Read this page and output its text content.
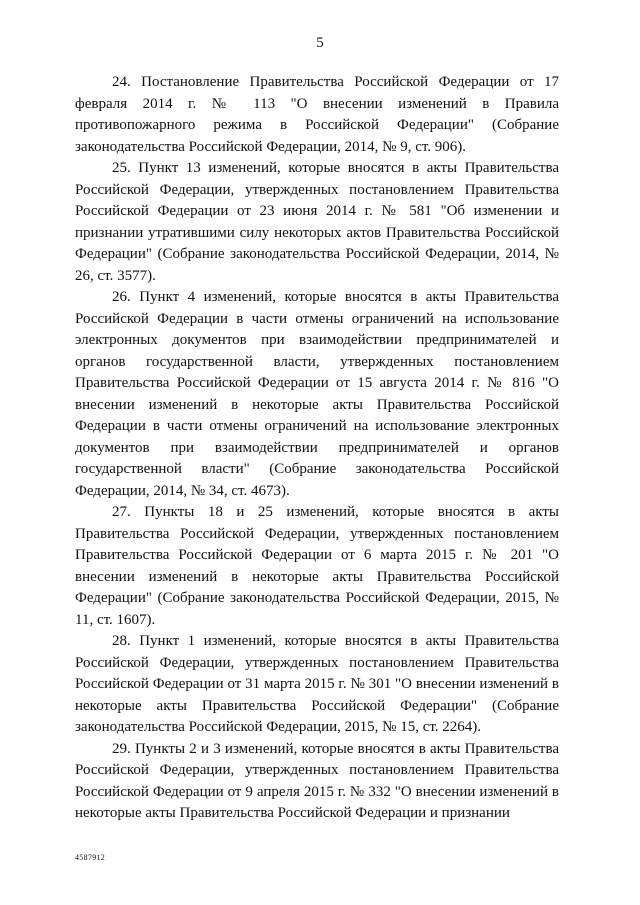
5

24. Постановление Правительства Российской Федерации от 17 февраля 2014 г. № 113 "О внесении изменений в Правила противопожарного режима в Российской Федерации" (Собрание законодательства Российской Федерации, 2014, № 9, ст. 906).

25. Пункт 13 изменений, которые вносятся в акты Правительства Российской Федерации, утвержденных постановлением Правительства Российской Федерации от 23 июня 2014 г. № 581 "Об изменении и признании утратившими силу некоторых актов Правительства Российской Федерации" (Собрание законодательства Российской Федерации, 2014, № 26, ст. 3577).

26. Пункт 4 изменений, которые вносятся в акты Правительства Российской Федерации в части отмены ограничений на использование электронных документов при взаимодействии предпринимателей и органов государственной власти, утвержденных постановлением Правительства Российской Федерации от 15 августа 2014 г. № 816 "О внесении изменений в некоторые акты Правительства Российской Федерации в части отмены ограничений на использование электронных документов при взаимодействии предпринимателей и органов государственной власти" (Собрание законодательства Российской Федерации, 2014, № 34, ст. 4673).

27. Пункты 18 и 25 изменений, которые вносятся в акты Правительства Российской Федерации, утвержденных постановлением Правительства Российской Федерации от 6 марта 2015 г. № 201 "О внесении изменений в некоторые акты Правительства Российской Федерации" (Собрание законодательства Российской Федерации, 2015, № 11, ст. 1607).

28. Пункт 1 изменений, которые вносятся в акты Правительства Российской Федерации, утвержденных постановлением Правительства Российской Федерации от 31 марта 2015 г. № 301 "О внесении изменений в некоторые акты Правительства Российской Федерации" (Собрание законодательства Российской Федерации, 2015, № 15, ст. 2264).

29. Пункты 2 и 3 изменений, которые вносятся в акты Правительства Российской Федерации, утвержденных постановлением Правительства Российской Федерации от 9 апреля 2015 г. № 332 "О внесении изменений в некоторые акты Правительства Российской Федерации и признании

4587912
